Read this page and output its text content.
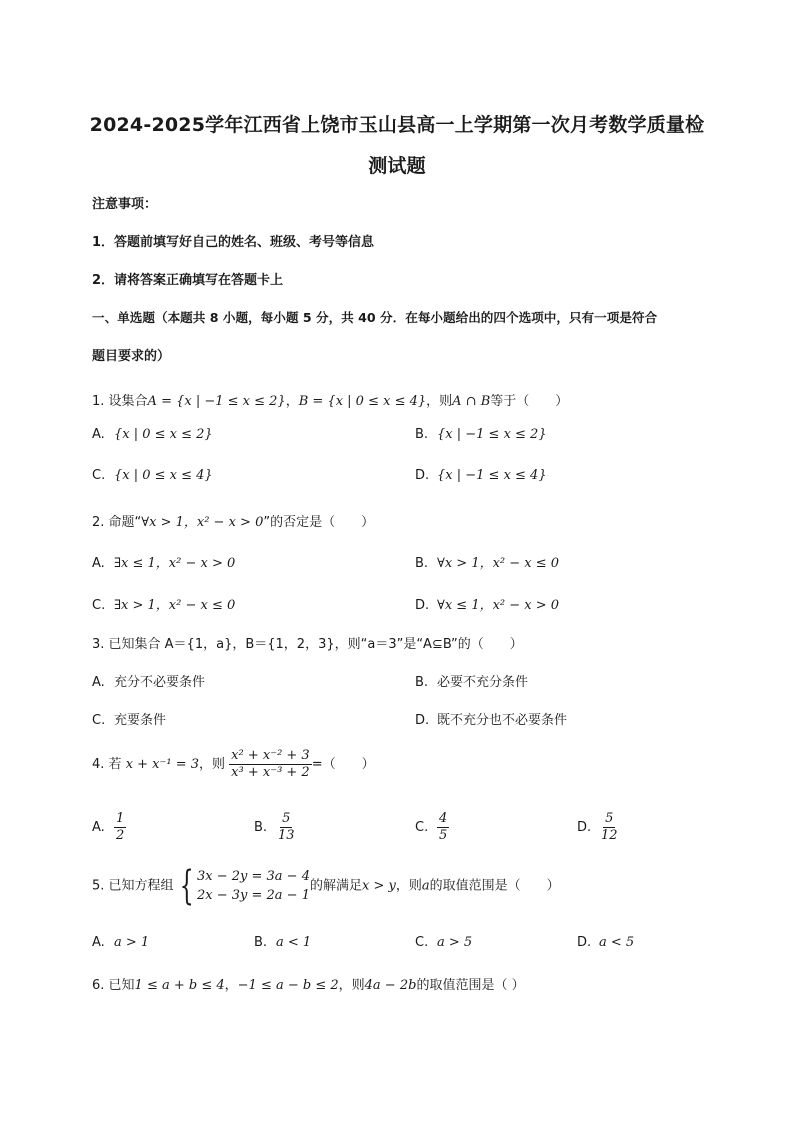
2024-2025学年江西省上饶市玉山县高一上学期第一次月考数学质量检
测试题
注意事项：
1．答题前填写好自己的姓名、班级、考号等信息
2．请将答案正确填写在答题卡上
一、单选题（本题共 8 小题，每小题 5 分，共 40 分．在每小题给出的四个选项中，只有一项是符合
题目要求的）
1. 设集合A = {x | −1 ≤ x ≤ 2}，B = {x | 0 ≤ x ≤ 4}，则A ∩ B等于（　　）
A. {x | 0 ≤ x ≤ 2}	B. {x | −1 ≤ x ≤ 2}
C. {x | 0 ≤ x ≤ 4}	D. {x | −1 ≤ x ≤ 4}
2. 命题“∀x > 1，x² − x > 0”的否定是（　　）
A. ∃x ≤ 1，x² − x > 0	B. ∀x > 1，x² − x ≤ 0
C. ∃x > 1，x² − x ≤ 0	D. ∀x ≤ 1，x² − x > 0
3. 已知集合 A＝{1，a}，B＝{1，2，3}，则“a＝3”是“A⊆B”的（　　）
A. 充分不必要条件	B. 必要不充分条件
C. 充要条件	D. 既不充分也不必要条件
4. 若 x + x⁻¹ = 3，则 $\frac{\text{x² + x⁻² + 3}}{\text{x³ + x⁻³ + 2}}$ =（　　）
A. $\frac{1}{2}$	B. $\frac{5}{13}$	C. $\frac{4}{5}$	D. $\frac{5}{12}$
5. 已知方程组 { 3x − 2y = 3a − 4
2x − 3y = 2a − 1
的解满足x > y，则a的取值范围是（　　）
A. a > 1	B. a < 1	C. a > 5	D. a < 5
6. 已知1 ≤ a + b ≤ 4，−1 ≤ a − b ≤ 2，则4a − 2b的取值范围是（ ）
